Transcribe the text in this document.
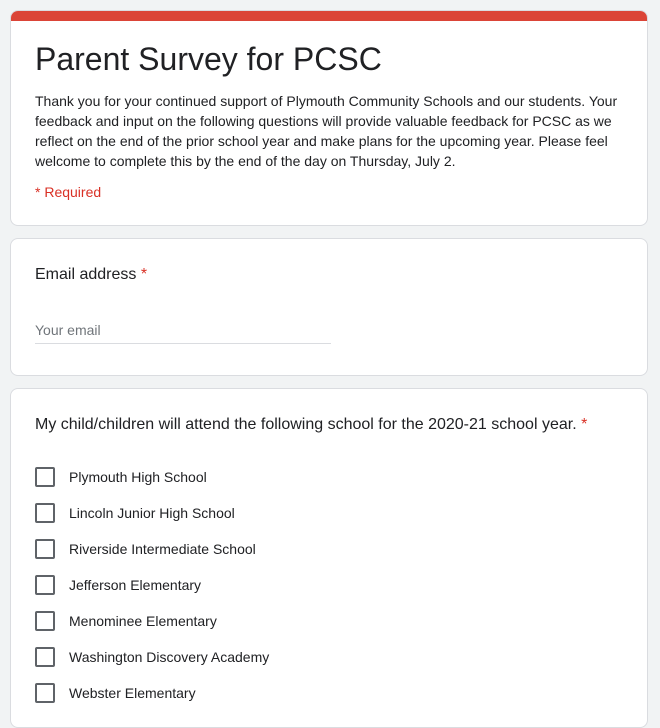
Parent Survey for PCSC
Thank you for your continued support of Plymouth Community Schools and our students. Your feedback and input on the following questions will provide valuable feedback for PCSC as we reflect on the end of the prior school year and make plans for the upcoming year. Please feel welcome to complete this by the end of the day on Thursday, July 2.
* Required
Email address *
Your email
My child/children will attend the following school for the 2020-21 school year. *
Plymouth High School
Lincoln Junior High School
Riverside Intermediate School
Jefferson Elementary
Menominee Elementary
Washington Discovery Academy
Webster Elementary
